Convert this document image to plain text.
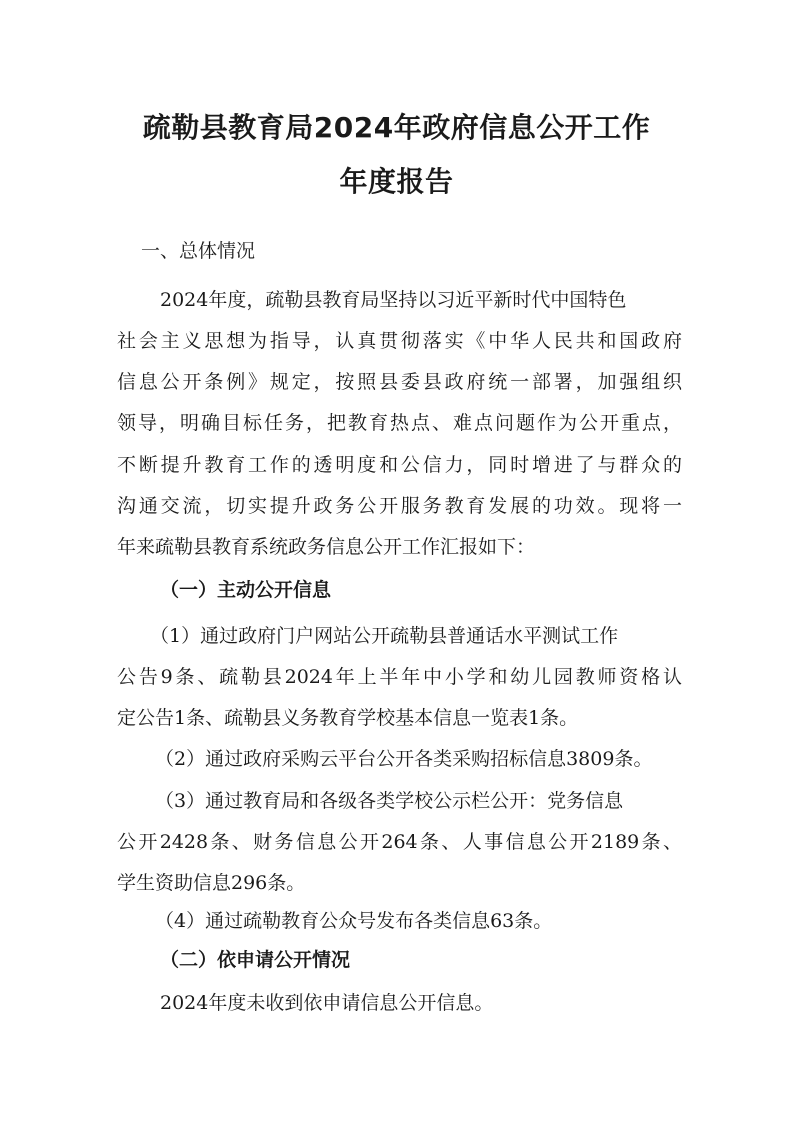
疏勒县教育局2024年政府信息公开工作
年度报告
一、总体情况

2024年度，疏勒县教育局坚持以习近平新时代中国特色

社会主义思想为指导，认真贯彻落实《中华人民共和国政府

信息公开条例》规定，按照县委县政府统一部署，加强组织

领导，明确目标任务，把教育热点、难点问题作为公开重点，

不断提升教育工作的透明度和公信力，同时增进了与群众的

沟通交流，切实提升政务公开服务教育发展的功效。现将一

年来疏勒县教育系统政务信息公开工作汇报如下：

（一）主动公开信息

（1）通过政府门户网站公开疏勒县普通话水平测试工作

公告9条、疏勒县2024年上半年中小学和幼儿园教师资格认

定公告1条、疏勒县义务教育学校基本信息一览表1条。

（2）通过政府采购云平台公开各类采购招标信息3809条。

（3）通过教育局和各级各类学校公示栏公开：党务信息

公开2428条、财务信息公开264条、人事信息公开2189条、

学生资助信息296条。

（4）通过疏勒教育公众号发布各类信息63条。

（二）依申请公开情况

2024年度未收到依申请信息公开信息。
